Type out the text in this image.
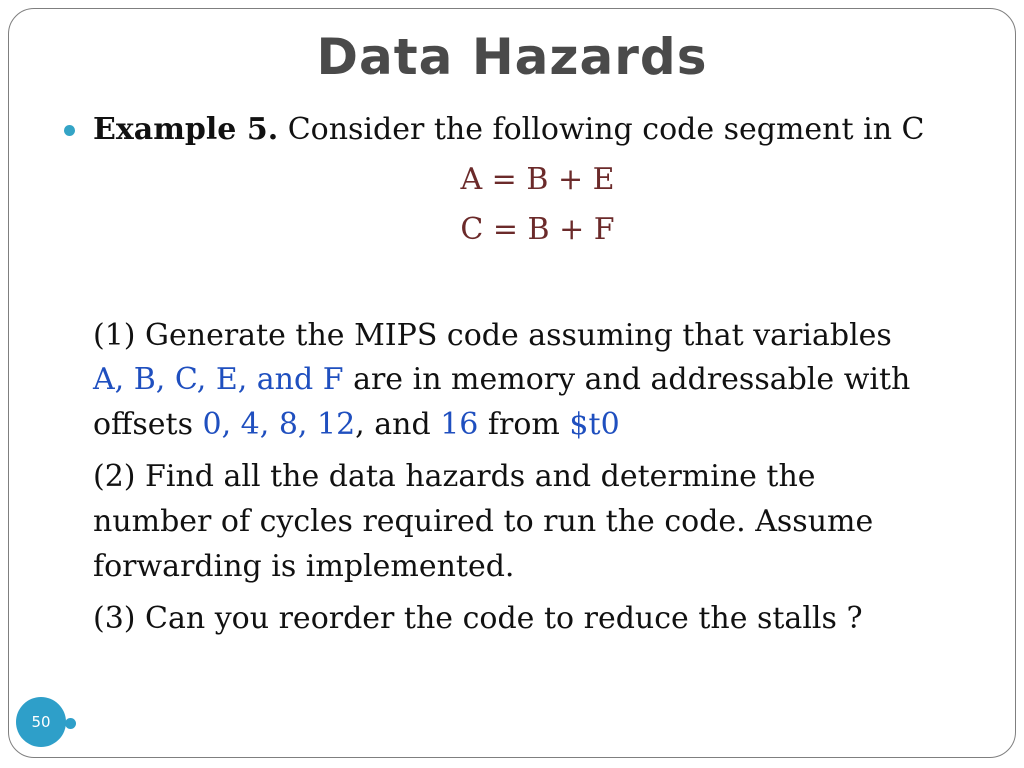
Data Hazards
Example 5. Consider the following code segment in C
A = B + E
C = B + F
(1) Generate the MIPS code assuming that variables
A, B, C, E, and F are in memory and addressable with
offsets 0, 4, 8, 12, and 16 from $t0
(2) Find all the data hazards and determine the
number of cycles required to run the code. Assume
forwarding is implemented.
(3) Can you reorder the code to reduce the stalls ?
50
